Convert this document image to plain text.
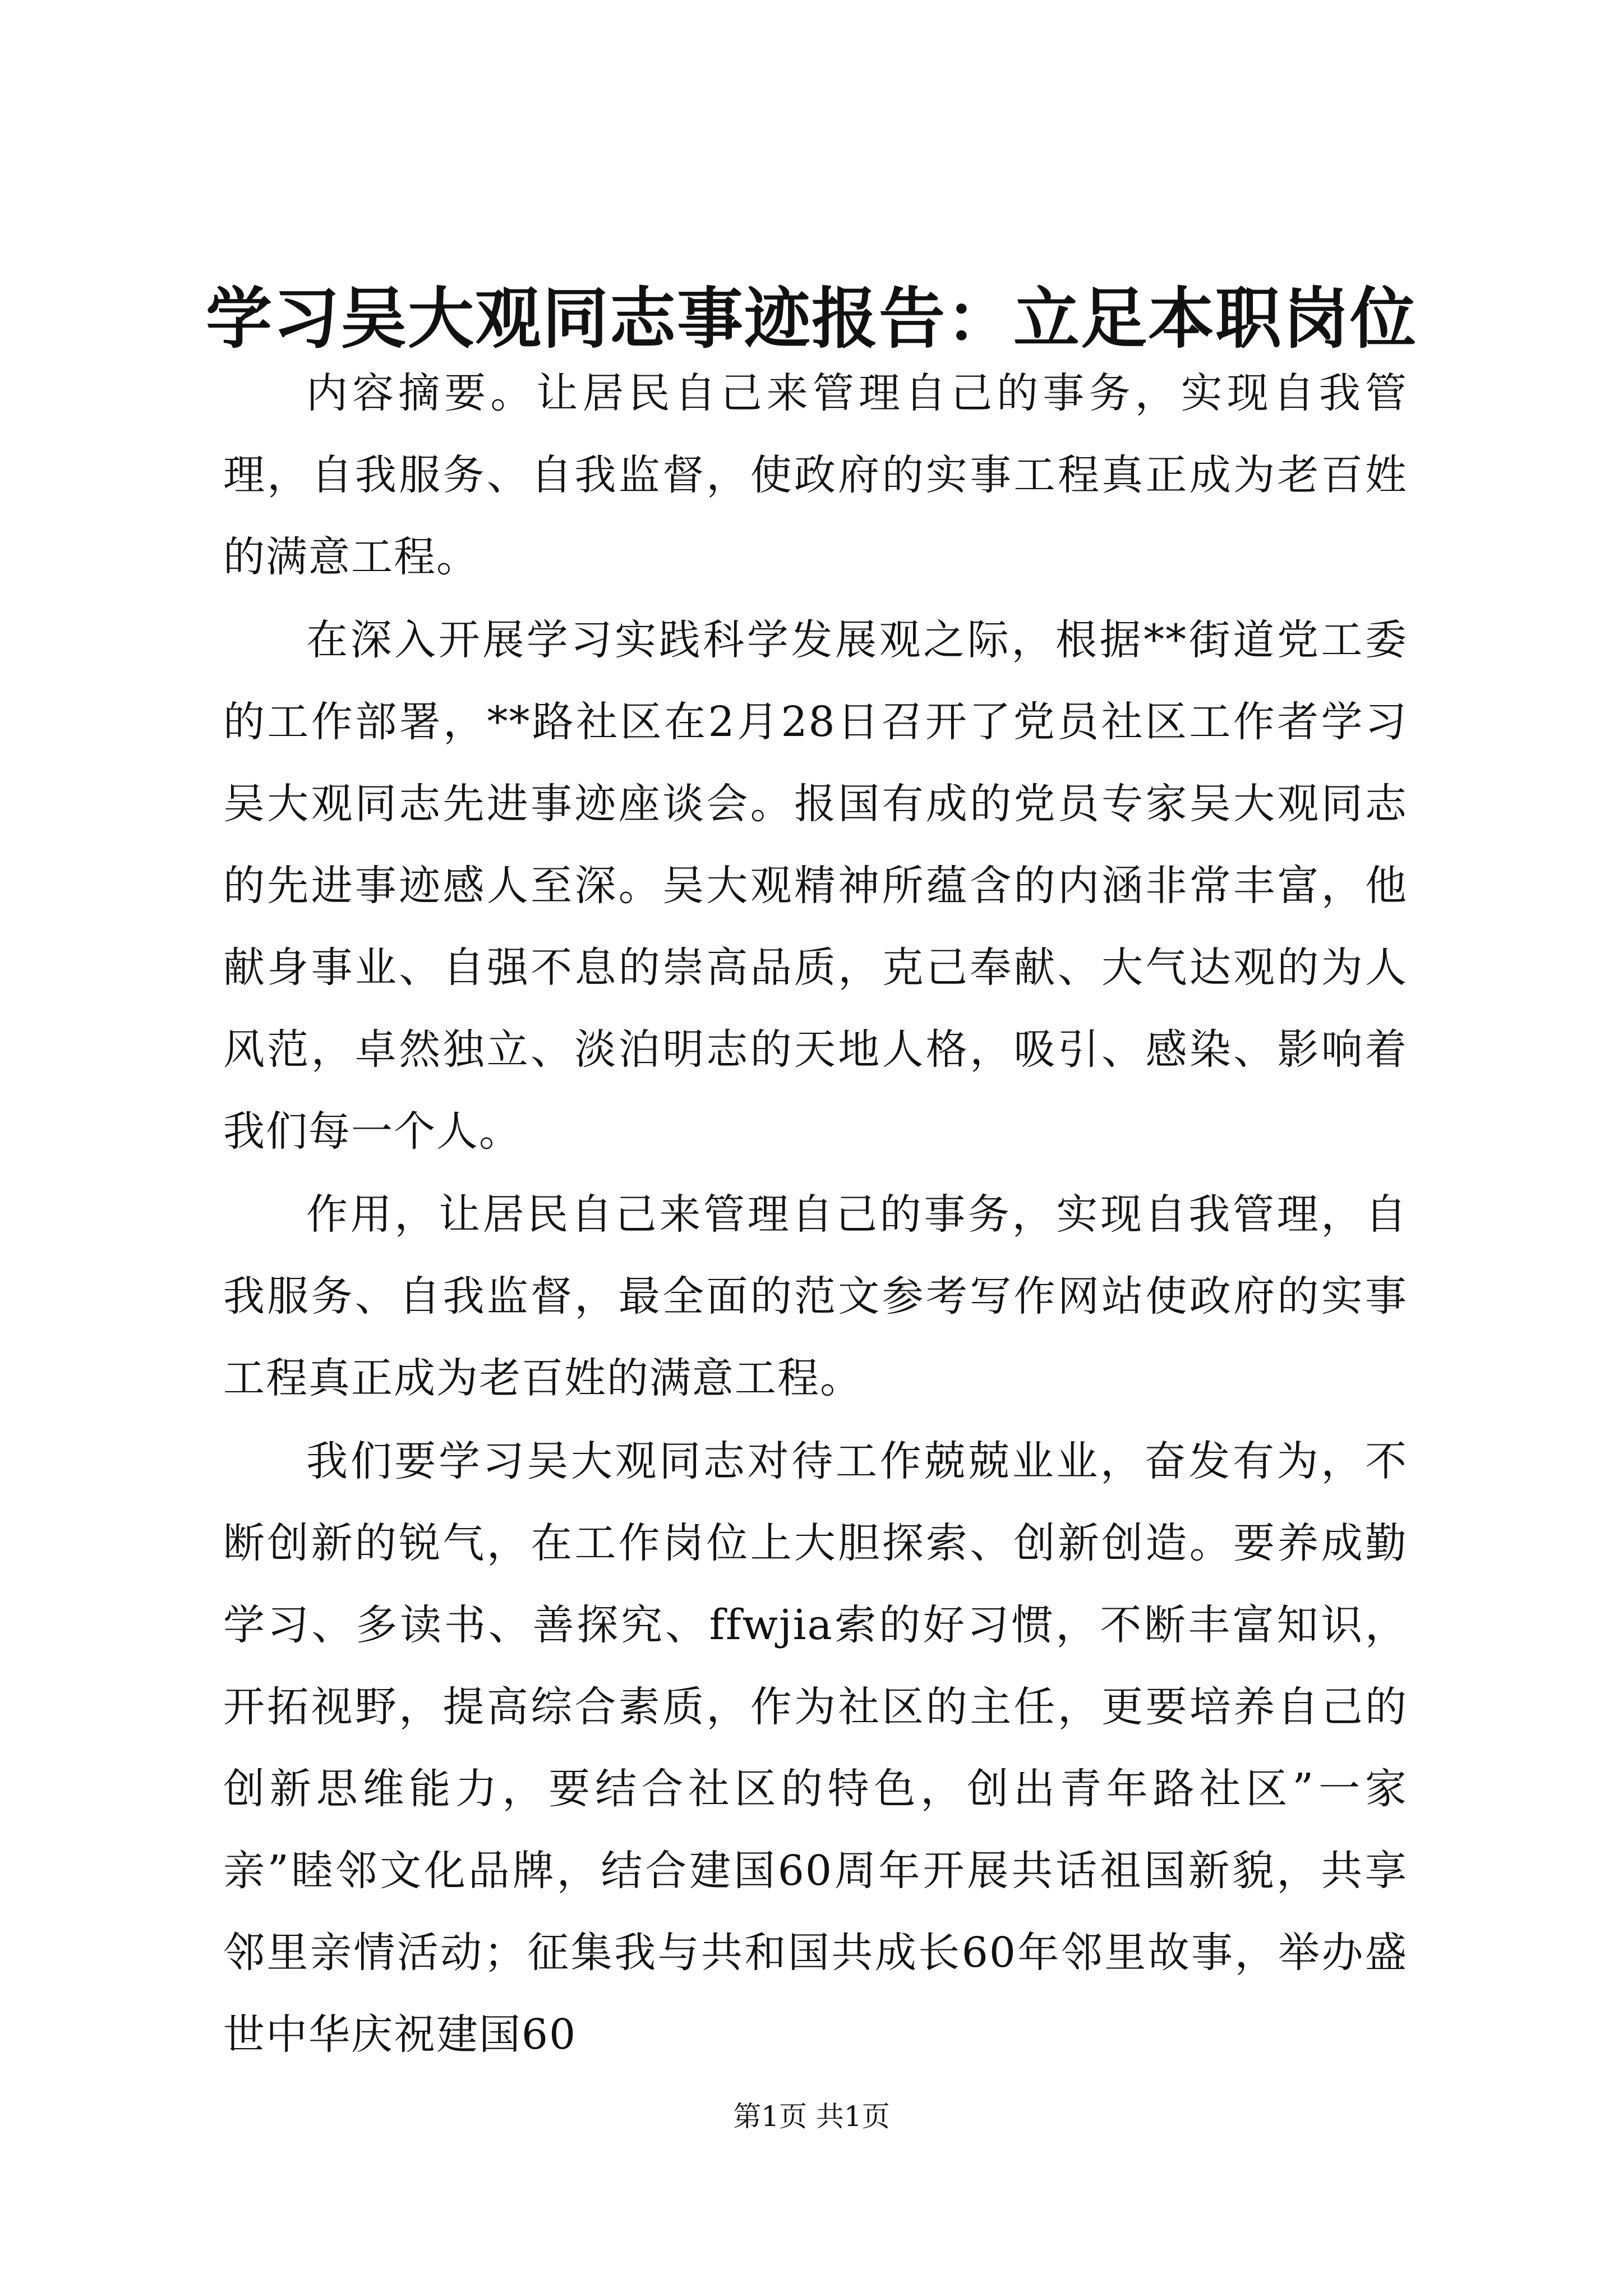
学习吴大观同志事迹报告：立足本职岗位

内容摘要。让居民自己来管理自己的事务，实现自我管理，自我服务、自我监督，使政府的实事工程真正成为老百姓的满意工程。

在深入开展学习实践科学发展观之际，根据**街道党工委的工作部署，**路社区在2月28日召开了党员社区工作者学习吴大观同志先进事迹座谈会。报国有成的党员专家吴大观同志的先进事迹感人至深。吴大观精神所蕴含的内涵非常丰富，他献身事业、自强不息的崇高品质，克己奉献、大气达观的为人风范，卓然独立、淡泊明志的天地人格，吸引、感染、影响着我们每一个人。

作用，让居民自己来管理自己的事务，实现自我管理，自我服务、自我监督，最全面的范文参考写作网站使政府的实事工程真正成为老百姓的满意工程。

我们要学习吴大观同志对待工作兢兢业业，奋发有为，不断创新的锐气，在工作岗位上大胆探索、创新创造。要养成勤学习、多读书、善探究、ffwjia索的好习惯，不断丰富知识，开拓视野，提高综合素质，作为社区的主任，更要培养自己的创新思维能力，要结合社区的特色，创出青年路社区”一家亲”睦邻文化品牌，结合建国60周年开展共话祖国新貌，共享邻里亲情活动；征集我与共和国共成长60年邻里故事，举办盛世中华庆祝建国60

第1页 共1页
